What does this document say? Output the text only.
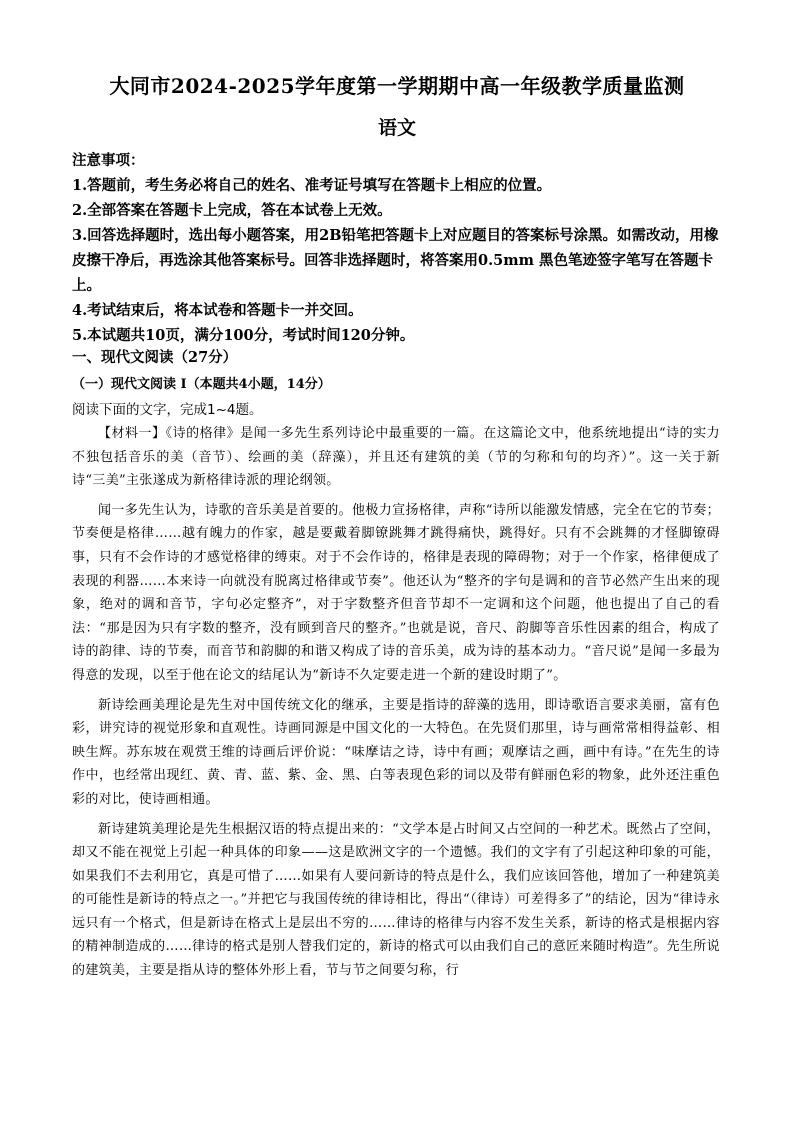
大同市2024-2025学年度第一学期期中高一年级教学质量监测
语文

注意事项：

1.答题前，考生务必将自己的姓名、准考证号填写在答题卡上相应的位置。

2.全部答案在答题卡上完成，答在本试卷上无效。

3.回答选择题时，选出每小题答案，用2B铅笔把答题卡上对应题目的答案标号涂黑。如需改动，用橡皮擦干净后，再选涂其他答案标号。回答非选择题时，将答案用0.5mm 黑色笔迹签字笔写在答题卡上。

4.考试结束后，将本试卷和答题卡一并交回。

5.本试题共10页，满分100分，考试时间120分钟。

一、现代文阅读（27分）
（一）现代文阅读 I（本题共4小题，14分）
阅读下面的文字，完成1~4题。

【材料一】《诗的格律》是闻一多先生系列诗论中最重要的一篇。在这篇论文中，他系统地提出“诗的实力不独包括音乐的美（音节）、绘画的美（辞藻），并且还有建筑的美（节的匀称和句的均齐）”。这一关于新诗“三美”主张遂成为新格律诗派的理论纲领。

闻一多先生认为，诗歌的音乐美是首要的。他极力宣扬格律，声称“诗所以能激发情感，完全在它的节奏；节奏便是格律……越有魄力的作家，越是要戴着脚镣跳舞才跳得痛快，跳得好。只有不会跳舞的才怪脚镣碍事，只有不会作诗的才感觉格律的缚束。对于不会作诗的，格律是表现的障碍物；对于一个作家，格律便成了表现的利器……本来诗一向就没有脱离过格律或节奏”。他还认为“整齐的字句是调和的音节必然产生出来的现象，绝对的调和音节，字句必定整齐”，对于字数整齐但音节却不一定调和这个问题，他也提出了自己的看法：“那是因为只有字数的整齐，没有顾到音尺的整齐。”也就是说，音尺、韵脚等音乐性因素的组合，构成了诗的韵律、诗的节奏，而音节和韵脚的和谐又构成了诗的音乐美，成为诗的基本动力。“音尺说”是闻一多最为得意的发现，以至于他在论文的结尾认为“新诗不久定要走进一个新的建设时期了”。

新诗绘画美理论是先生对中国传统文化的继承，主要是指诗的辞藻的选用，即诗歌语言要求美丽，富有色彩，讲究诗的视觉形象和直观性。诗画同源是中国文化的一大特色。在先贤们那里，诗与画常常相得益彰、相映生辉。苏东坡在观赏王维的诗画后评价说：“味摩诘之诗，诗中有画；观摩诘之画，画中有诗。”在先生的诗作中，也经常出现红、黄、青、蓝、紫、金、黑、白等表现色彩的词以及带有鲜丽色彩的物象，此外还注重色彩的对比，使诗画相通。

新诗建筑美理论是先生根据汉语的特点提出来的：“文学本是占时间又占空间的一种艺术。既然占了空间，却又不能在视觉上引起一种具体的印象——这是欧洲文字的一个遗憾。我们的文字有了引起这种印象的可能，如果我们不去利用它，真是可惜了……如果有人要问新诗的特点是什么，我们应该回答他，增加了一种建筑美的可能性是新诗的特点之一。”并把它与我国传统的律诗相比，得出“（律诗）可差得多了”的结论，因为“律诗永远只有一个格式，但是新诗在格式上是层出不穷的……律诗的格律与内容不发生关系，新诗的格式是根据内容的精神制造成的……律诗的格式是别人替我们定的，新诗的格式可以由我们自己的意匠来随时构造”。先生所说的建筑美，主要是指从诗的整体外形上看，节与节之间要匀称，行
